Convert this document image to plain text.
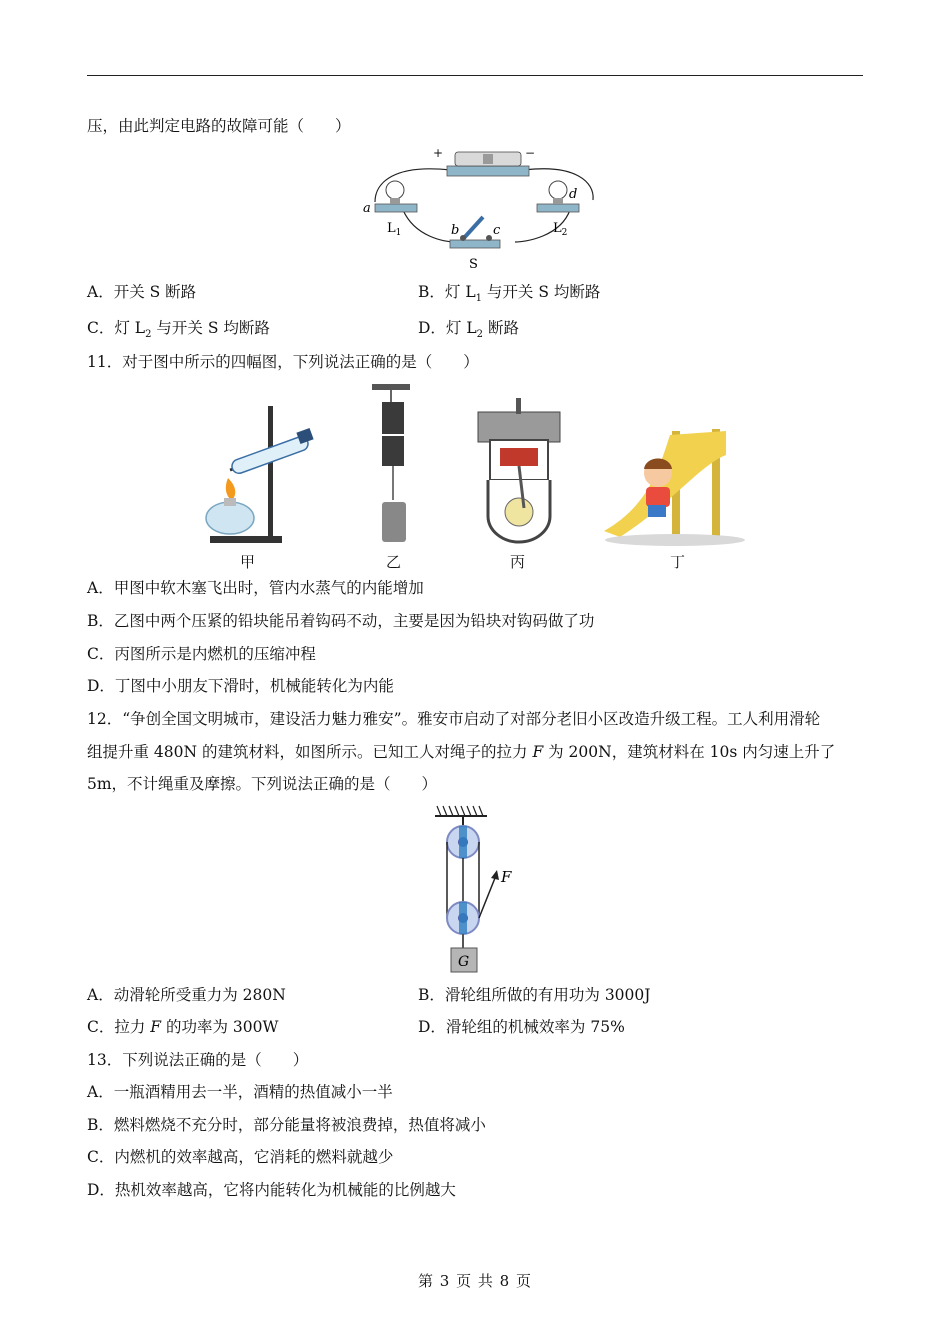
压，由此判定电路的故障可能（　　）
+	−
a
$L_1$
d
$L_2$
b	c
S
A．开关 S 断路	B．灯 $L_1$ 与开关 S 均断路
C．灯 $L_2$ 与开关 S 均断路	D．灯 $L_2$ 断路
11．对于图中所示的四幅图，下列说法正确的是（　　）
甲	乙	丙	丁
A．甲图中软木塞飞出时，管内水蒸气的内能增加
B．乙图中两个压紧的铅块能吊着钩码不动，主要是因为铅块对钩码做了功
C．丙图所示是内燃机的压缩冲程
D．丁图中小朋友下滑时，机械能转化为内能
12．“争创全国文明城市，建设活力魅力雅安”。雅安市启动了对部分老旧小区改造升级工程。工人利用滑轮
组提升重 480N 的建筑材料，如图所示。已知工人对绳子的拉力 F 为 200N，建筑材料在 10s 内匀速上升了
5m，不计绳重及摩擦。下列说法正确的是（　　）
F
G
A．动滑轮所受重力为 280N	B．滑轮组所做的有用功为 3000J
C．拉力 F 的功率为 300W	D．滑轮组的机械效率为 75%
13．下列说法正确的是（　　）
A．一瓶酒精用去一半，酒精的热值减小一半
B．燃料燃烧不充分时，部分能量将被浪费掉，热值将减小
C．内燃机的效率越高，它消耗的燃料就越少
D．热机效率越高，它将内能转化为机械能的比例越大
第 3 页 共 8 页
